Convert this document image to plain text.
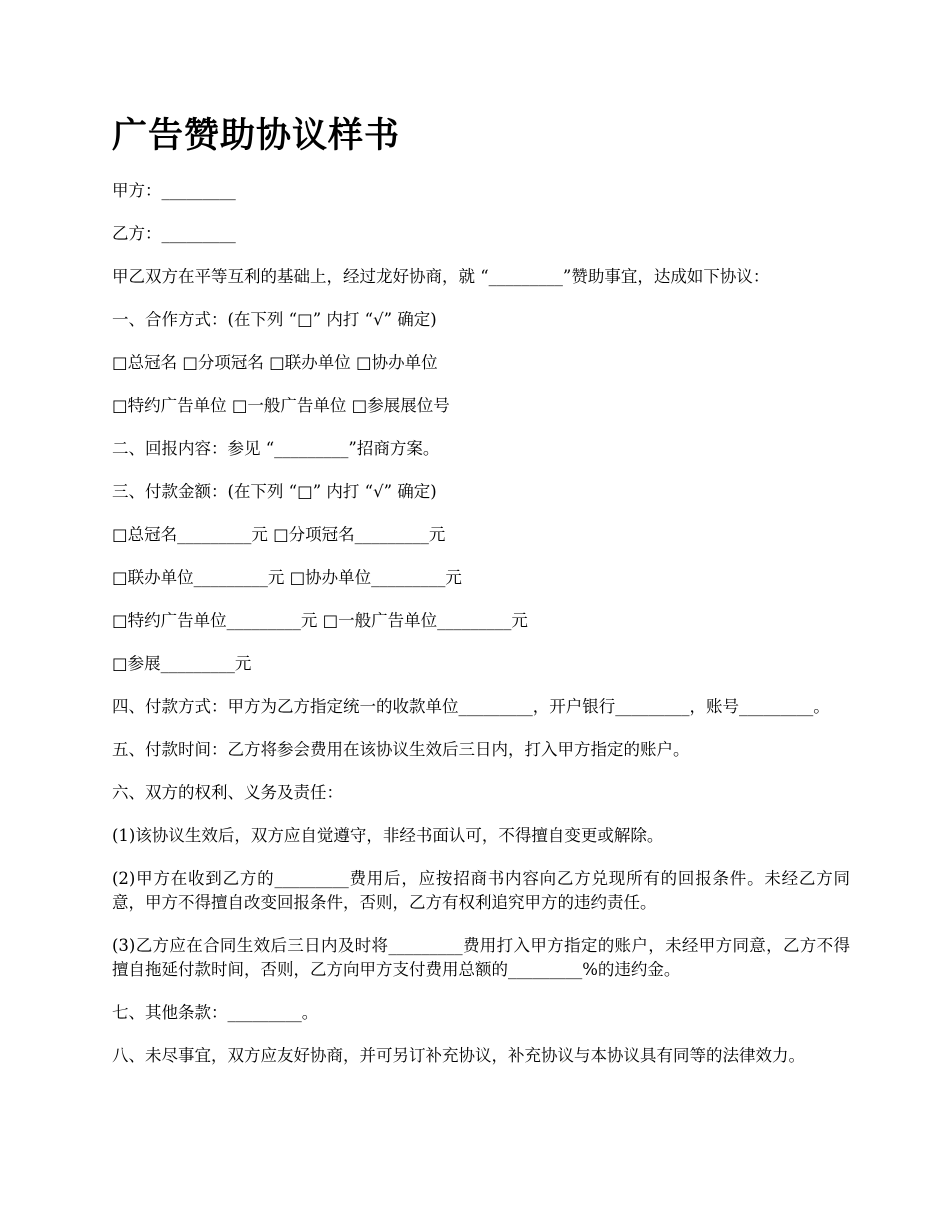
广告赞助协议样书

甲方：_________

乙方：_________

甲乙双方在平等互利的基础上，经过龙好协商，就 “_________”赞助事宜，达成如下协议：

一、合作方式：(在下列 “□” 内打 “√” 确定)

□总冠名 □分项冠名 □联办单位 □协办单位

□特约广告单位 □一般广告单位 □参展展位号

二、回报内容：参见 “_________”招商方案。

三、付款金额：(在下列 “□” 内打 “√” 确定)

□总冠名_________元 □分项冠名_________元

□联办单位_________元 □协办单位_________元

□特约广告单位_________元 □一般广告单位_________元

□参展_________元

四、付款方式：甲方为乙方指定统一的收款单位_________，开户银行_________，账号_________。

五、付款时间：乙方将参会费用在该协议生效后三日内，打入甲方指定的账户。

六、双方的权利、义务及责任：

(1)该协议生效后，双方应自觉遵守，非经书面认可，不得擅自变更或解除。

(2)甲方在收到乙方的_________费用后，应按招商书内容向乙方兑现所有的回报条件。未经乙方同意，甲方不得擅自改变回报条件，否则，乙方有权利追究甲方的违约责任。

(3)乙方应在合同生效后三日内及时将_________费用打入甲方指定的账户，未经甲方同意，乙方不得擅自拖延付款时间，否则，乙方向甲方支付费用总额的_________%的违约金。

七、其他条款：_________。

八、未尽事宜，双方应友好协商，并可另订补充协议，补充协议与本协议具有同等的法律效力。
